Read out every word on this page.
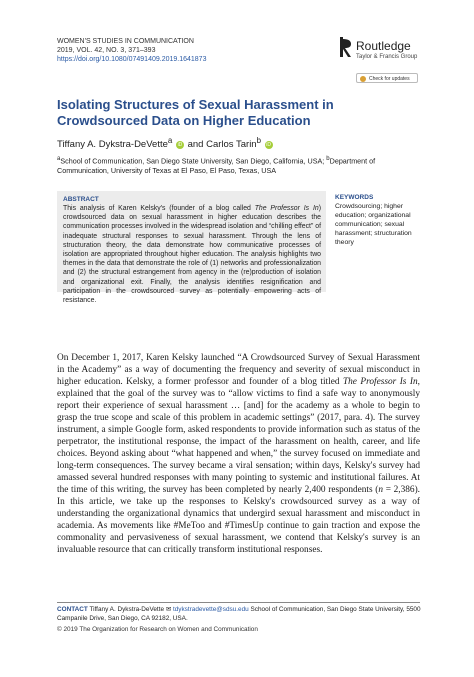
WOMEN'S STUDIES IN COMMUNICATION
2019, VOL. 42, NO. 3, 371–393
https://doi.org/10.1080/07491409.2019.1641873
Routledge
Taylor & Francis Group
Check for updates
Isolating Structures of Sexual Harassment in Crowdsourced Data on Higher Education
Tiffany A. Dykstra-DeVette$^a$ iD and Carlos Tarin$^b$ iD
$^a$School of Communication, San Diego State University, San Diego, California, USA; $^b$Department of Communication, University of Texas at El Paso, El Paso, Texas, USA
ABSTRACT
This analysis of Karen Kelsky's (founder of a blog called The Professor Is In) crowdsourced data on sexual harassment in higher education describes the communication processes involved in the widespread isolation and “chilling effect” of inadequate structural responses to sexual harassment. Through the lens of structuration theory, the data demonstrate how communicative processes of isolation are appropriated throughout higher education. The analysis highlights two themes in the data that demonstrate the role of (1) networks and professionalization and (2) the structural estrangement from agency in the (re)production of isolation and organizational exit. Finally, the analysis identifies resignification and participation in the crowdsourced survey as potentially empowering acts of resistance.
KEYWORDS
Crowdsourcing; higher education; organizational communication; sexual harassment; structuration theory
On December 1, 2017, Karen Kelsky launched “A Crowdsourced Survey of Sexual Harassment in the Academy” as a way of documenting the frequency and severity of sexual misconduct in higher education. Kelsky, a former professor and founder of a blog titled The Professor Is In, explained that the goal of the survey was to “allow victims to find a safe way to anonymously report their experience of sexual harassment … [and] for the academy as a whole to begin to grasp the true scope and scale of this problem in academic settings” (2017, para. 4). The survey instrument, a simple Google form, asked respondents to provide information such as status of the perpetrator, the institutional response, the impact of the harassment on health, career, and life choices. Beyond asking about “what happened and when,” the survey focused on immediate and long-term consequences. The survey became a viral sensation; within days, Kelsky's survey had amassed several hundred responses with many pointing to systemic and institutional failures. At the time of this writing, the survey has been completed by nearly 2,400 respondents (n = 2,386). In this article, we take up the responses to Kelsky's crowdsourced survey as a way of understanding the organizational dynamics that undergird sexual harassment and misconduct in academia. As movements like #MeToo and #TimesUp continue to gain traction and expose the commonality and pervasiveness of sexual harassment, we contend that Kelsky's survey is an invaluable resource that can critically transform institutional responses.
CONTACT Tiffany A. Dykstra-DeVette ✉ tdykstradevette@sdsu.edu School of Communication, San Diego State University, 5500 Campanile Drive, San Diego, CA 92182, USA.
© 2019 The Organization for Research on Women and Communication
